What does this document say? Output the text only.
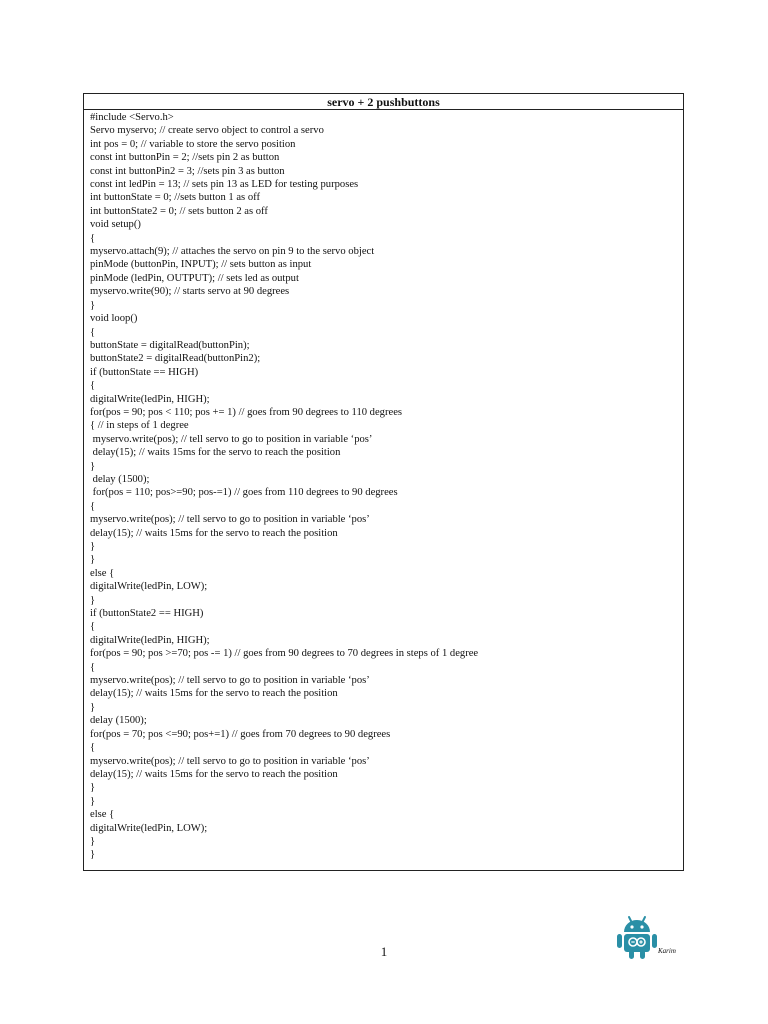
servo + 2 pushbuttons
#include <Servo.h>
Servo myservo; // create servo object to control a servo
int pos = 0; // variable to store the servo position
const int buttonPin = 2; //sets pin 2 as button
const int buttonPin2 = 3; //sets pin 3 as button
const int ledPin = 13; // sets pin 13 as LED for testing purposes
int buttonState = 0; //sets button 1 as off
int buttonState2 = 0; // sets button 2 as off
void setup()
{
myservo.attach(9); // attaches the servo on pin 9 to the servo object
pinMode (buttonPin, INPUT); // sets button as input
pinMode (ledPin, OUTPUT); // sets led as output
myservo.write(90); // starts servo at 90 degrees
}
void loop()
{
buttonState = digitalRead(buttonPin);
buttonState2 = digitalRead(buttonPin2);
if (buttonState == HIGH)
{
digitalWrite(ledPin, HIGH);
for(pos = 90; pos < 110; pos += 1) // goes from 90 degrees to 110 degrees
{ // in steps of 1 degree
myservo.write(pos); // tell servo to go to position in variable ‘pos’
delay(15); // waits 15ms for the servo to reach the position
}
delay (1500);
for(pos = 110; pos>=90; pos-=1) // goes from 110 degrees to 90 degrees
{
myservo.write(pos); // tell servo to go to position in variable ‘pos’
delay(15); // waits 15ms for the servo to reach the position
}
}
else {
digitalWrite(ledPin, LOW);
}
if (buttonState2 == HIGH)
{
digitalWrite(ledPin, HIGH);
for(pos = 90; pos >=70; pos -= 1) // goes from 90 degrees to 70 degrees in steps of 1 degree
{
myservo.write(pos); // tell servo to go to position in variable ‘pos’
delay(15); // waits 15ms for the servo to reach the position
}
delay (1500);
for(pos = 70; pos <=90; pos+=1) // goes from 70 degrees to 90 degrees
{
myservo.write(pos); // tell servo to go to position in variable ‘pos’
delay(15); // waits 15ms for the servo to reach the position
}
}
else {
digitalWrite(ledPin, LOW);
}
}
1	Karim
